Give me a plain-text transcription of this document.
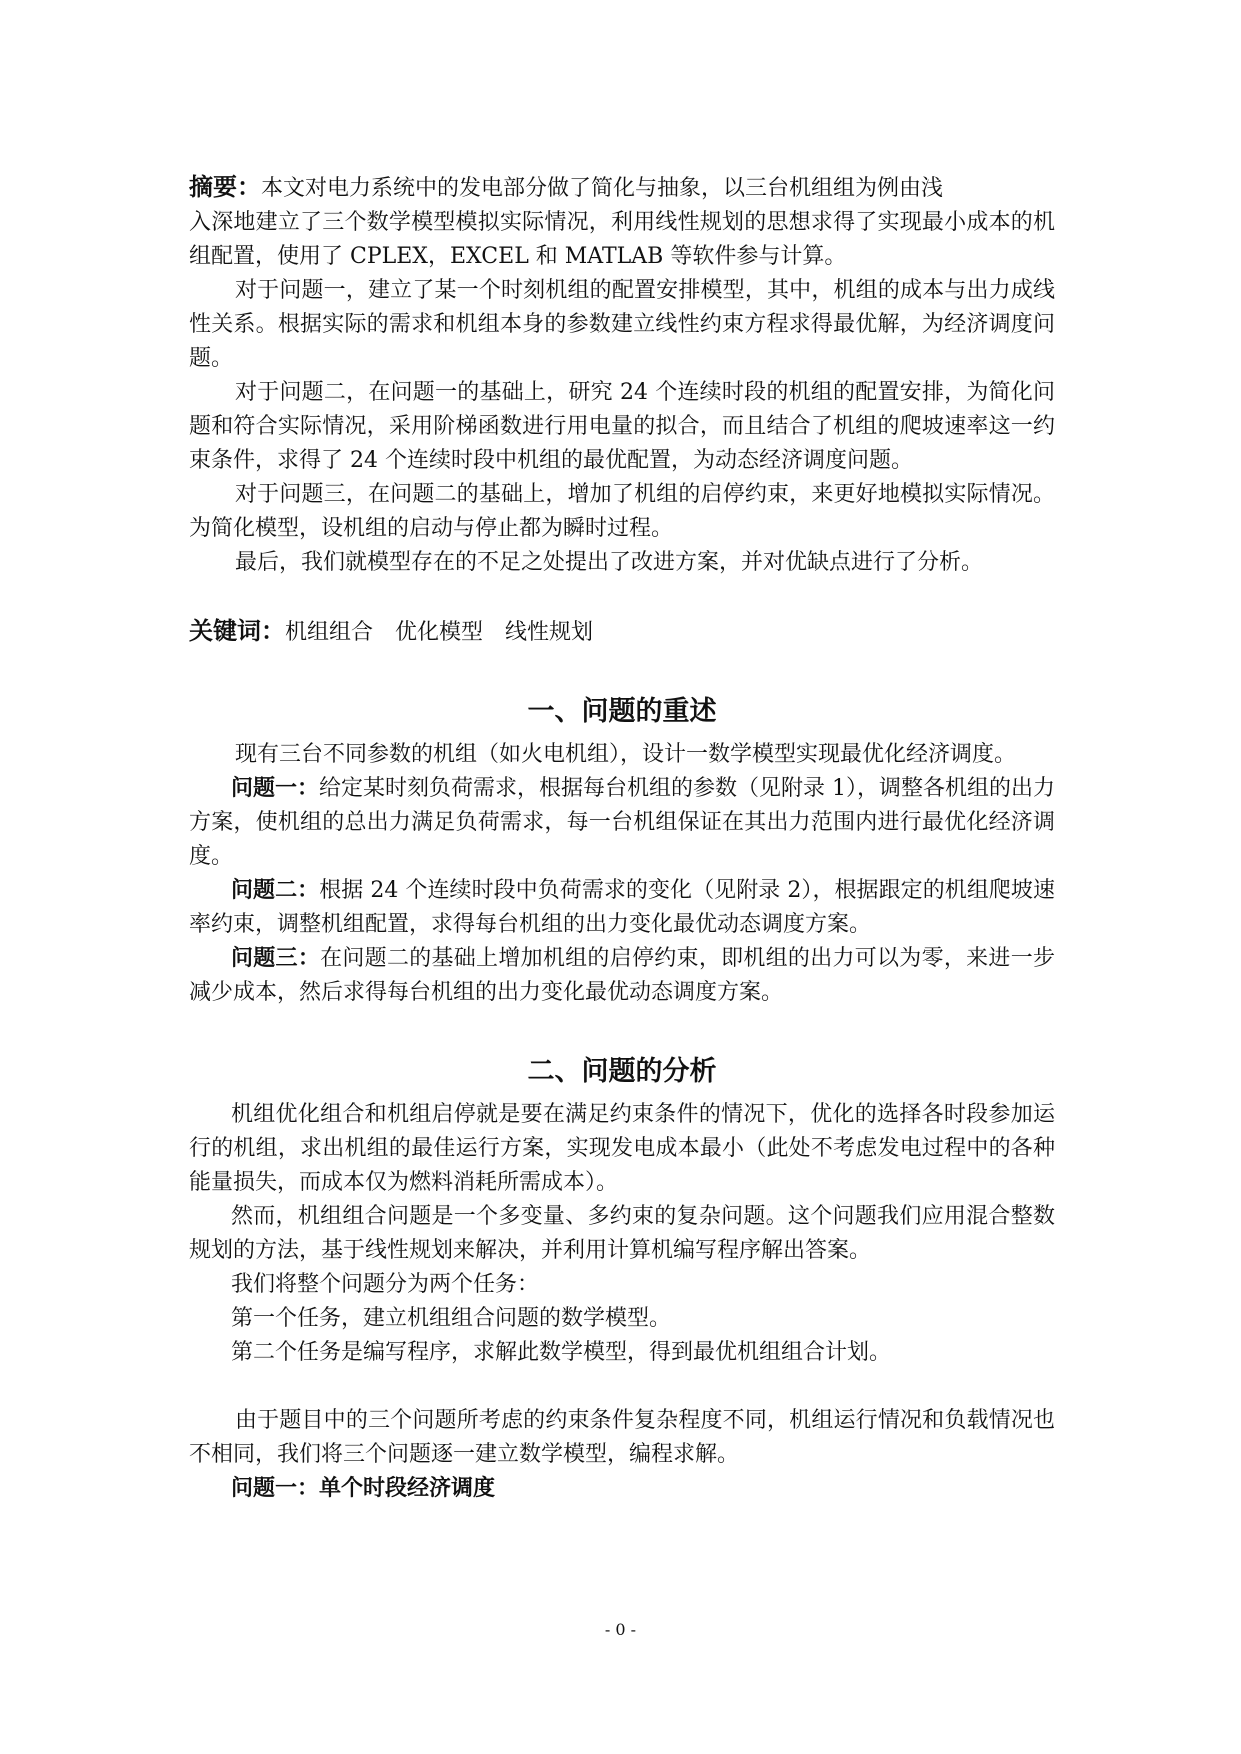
摘要：本文对电力系统中的发电部分做了简化与抽象，以三台机组组为例由浅

入深地建立了三个数学模型模拟实际情况，利用线性规划的思想求得了实现最小成本的机组配置，使用了 CPLEX，EXCEL 和 MATLAB 等软件参与计算。

对于问题一，建立了某一个时刻机组的配置安排模型，其中，机组的成本与出力成线性关系。根据实际的需求和机组本身的参数建立线性约束方程求得最优解，为经济调度问题。

对于问题二，在问题一的基础上，研究 24 个连续时段的机组的配置安排，为简化问题和符合实际情况，采用阶梯函数进行用电量的拟合，而且结合了机组的爬坡速率这一约束条件，求得了 24 个连续时段中机组的最优配置，为动态经济调度问题。

对于问题三，在问题二的基础上，增加了机组的启停约束，来更好地模拟实际情况。为简化模型，设机组的启动与停止都为瞬时过程。

最后，我们就模型存在的不足之处提出了改进方案，并对优缺点进行了分析。

关键词：机组组合 优化模型 线性规划

一、问题的重述

现有三台不同参数的机组（如火电机组），设计一数学模型实现最优化经济调度。

问题一：给定某时刻负荷需求，根据每台机组的参数（见附录 1），调整各机组的出力方案，使机组的总出力满足负荷需求，每一台机组保证在其出力范围内进行最优化经济调度。

问题二：根据 24 个连续时段中负荷需求的变化（见附录 2），根据跟定的机组爬坡速率约束，调整机组配置，求得每台机组的出力变化最优动态调度方案。

问题三：在问题二的基础上增加机组的启停约束，即机组的出力可以为零，来进一步减少成本，然后求得每台机组的出力变化最优动态调度方案。

二、问题的分析

机组优化组合和机组启停就是要在满足约束条件的情况下，优化的选择各时段参加运行的机组，求出机组的最佳运行方案，实现发电成本最小（此处不考虑发电过程中的各种能量损失，而成本仅为燃料消耗所需成本）。

然而，机组组合问题是一个多变量、多约束的复杂问题。这个问题我们应用混合整数规划的方法，基于线性规划来解决，并利用计算机编写程序解出答案。

我们将整个问题分为两个任务：

第一个任务，建立机组组合问题的数学模型。

第二个任务是编写程序，求解此数学模型，得到最优机组组合计划。

由于题目中的三个问题所考虑的约束条件复杂程度不同，机组运行情况和负载情况也不相同，我们将三个问题逐一建立数学模型，编程求解。

问题一：单个时段经济调度

- 0 -
